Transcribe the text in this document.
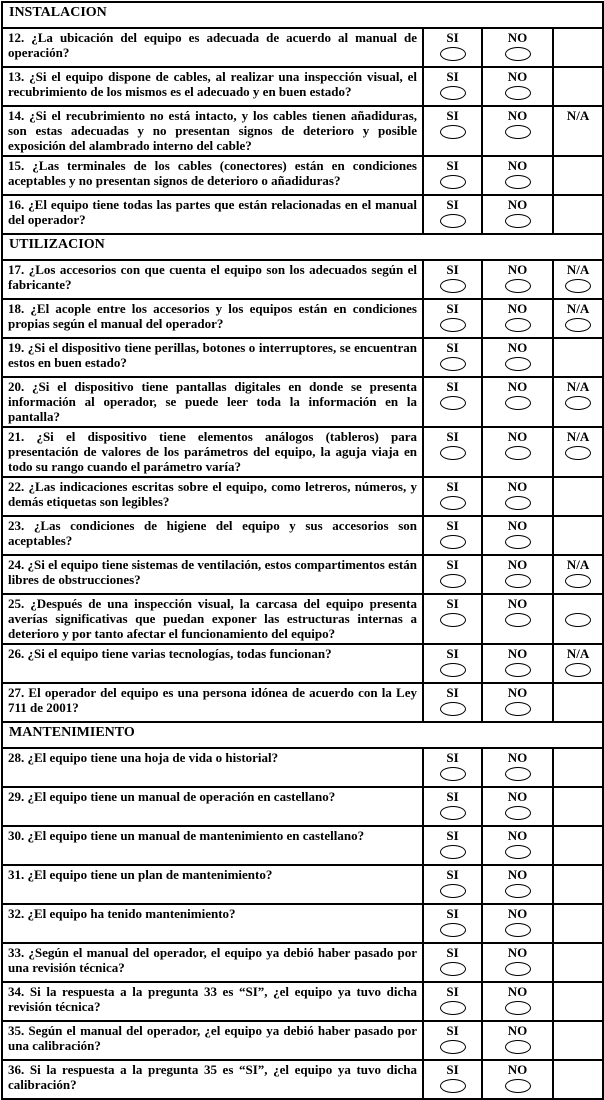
INSTALACION			
12. ¿La ubicación del equipo es adecuada de acuerdo al manual de operación?	SI	NO	

13. ¿Si el equipo dispone de cables, al realizar una inspección visual, el recubrimiento de los mismos es el adecuado y en buen estado?	SI	NO	

14. ¿Si el recubrimiento no está intacto, y los cables tienen añadiduras, son estas adecuadas y no presentan signos de deterioro y posible exposición del alambrado interno del cable?	SI	NO	N/A

15. ¿Las terminales de los cables (conectores) están en condiciones aceptables y no presentan signos de deterioro o añadiduras?	SI	NO	

16. ¿El equipo tiene todas las partes que están relacionadas en el manual del operador?	SI	NO	

UTILIZACION			
17. ¿Los accesorios con que cuenta el equipo son los adecuados según el fabricante?	SI	NO	N/A

18. ¿El acople entre los accesorios y los equipos están en condiciones propias según el manual del operador?	SI	NO	N/A

19. ¿Si el dispositivo tiene perillas, botones o interruptores, se encuentran estos en buen estado?	SI	NO	

20. ¿Si el dispositivo tiene pantallas digitales en donde se presenta información al operador, se puede leer toda la información en la pantalla?	SI	NO	N/A

21. ¿Si el dispositivo tiene elementos análogos (tableros) para presentación de valores de los parámetros del equipo, la aguja viaja en todo su rango cuando el parámetro varía?	SI	NO	N/A

22. ¿Las indicaciones escritas sobre el equipo, como letreros, números, y demás etiquetas son legibles?	SI	NO	

23. ¿Las condiciones de higiene del equipo y sus accesorios son aceptables?	SI	NO	

24. ¿Si el equipo tiene sistemas de ventilación, estos compartimentos están libres de obstrucciones?	SI	NO	N/A

25. ¿Después de una inspección visual, la carcasa del equipo presenta averías significativas que puedan exponer las estructuras internas a deterioro y por tanto afectar el funcionamiento del equipo?	SI	NO	

26. ¿Si el equipo tiene varias tecnologías, todas funcionan?	SI	NO	N/A

27. El operador del equipo es una persona idónea de acuerdo con la Ley 711 de 2001?	SI	NO	

MANTENIMIENTO			
28. ¿El equipo tiene una hoja de vida o historial?	SI	NO	

29. ¿El equipo tiene un manual de operación en castellano?	SI	NO	

30. ¿El equipo tiene un manual de mantenimiento en castellano?	SI	NO	

31. ¿El equipo tiene un plan de mantenimiento?	SI	NO	

32. ¿El equipo ha tenido mantenimiento?	SI	NO	

33. ¿Según el manual del operador, el equipo ya debió haber pasado por una revisión técnica?	SI	NO	

34. Si la respuesta a la pregunta 33 es “SI”, ¿el equipo ya tuvo dicha revisión técnica?	SI	NO	

35. Según el manual del operador, ¿el equipo ya debió haber pasado por una calibración?	SI	NO	

36. Si la respuesta a la pregunta 35 es “SI”, ¿el equipo ya tuvo dicha calibración?	SI	NO	
